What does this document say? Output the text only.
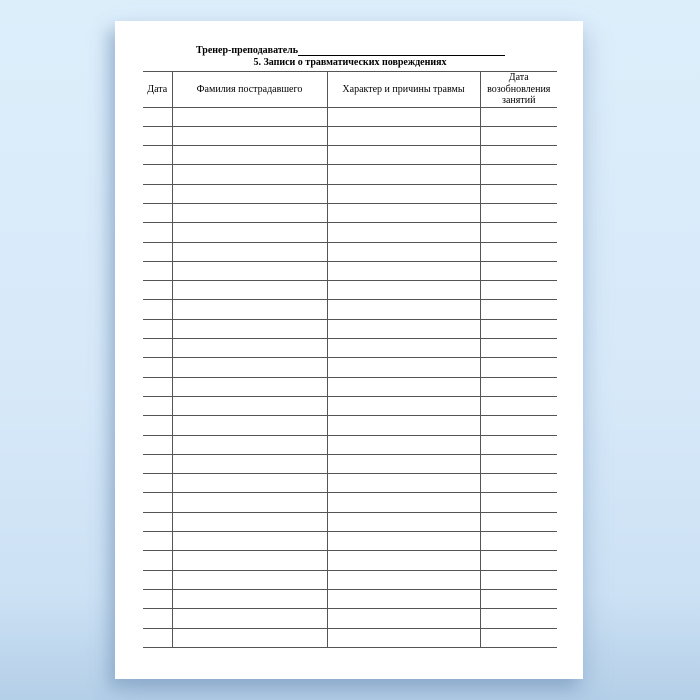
Тренер-преподаватель
5. Записи о травматических повреждениях
Дата	Фамилия пострадавшего	Характер и причины травмы	Дата возобновления занятий
